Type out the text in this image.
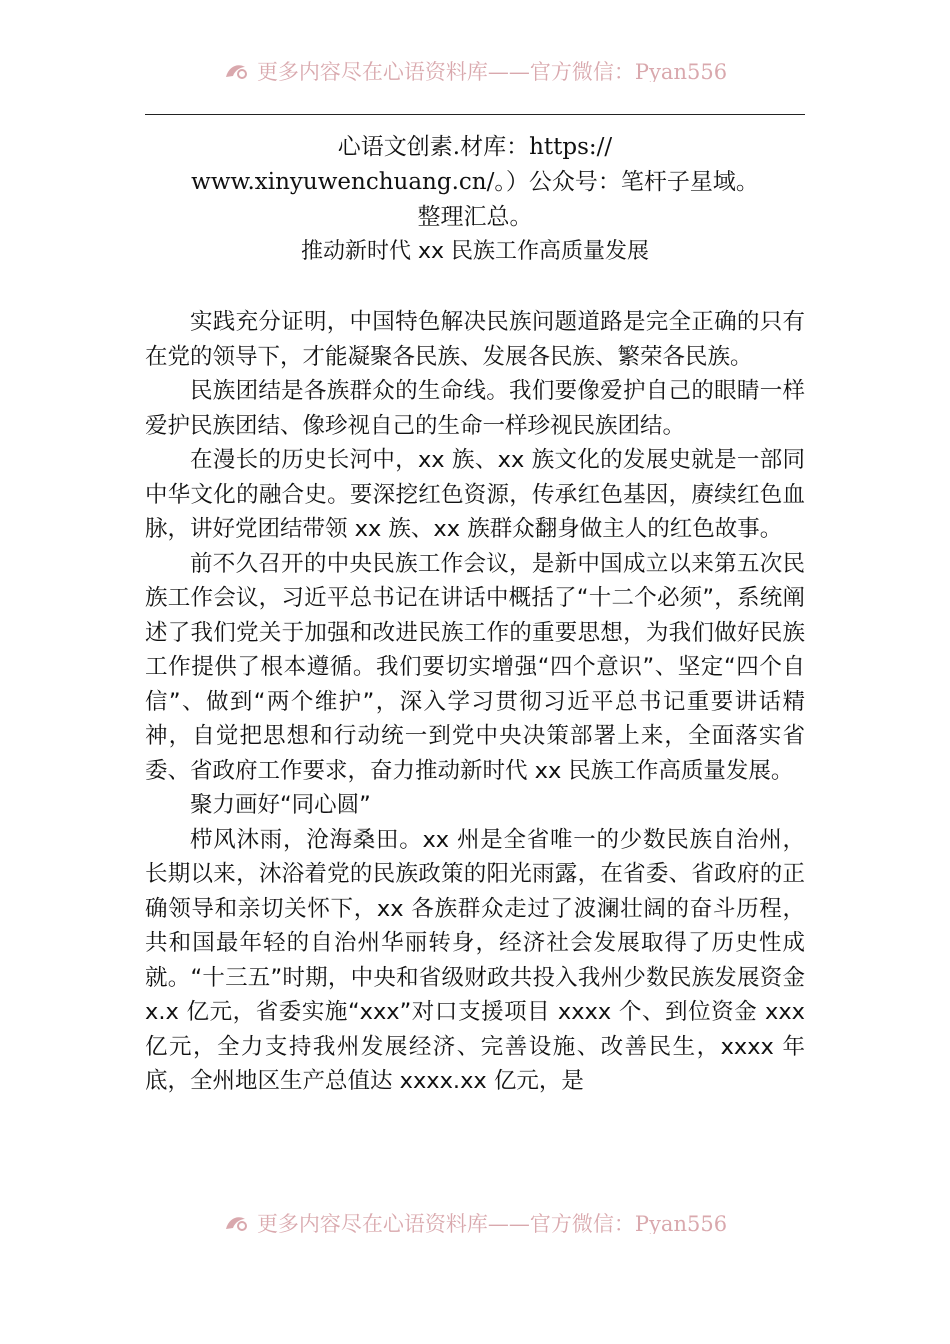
更多内容尽在心语资料库——官方微信：Pyan556
心语文创素.材库：https://
www.xinyuwenchuang.cn/。）公众号：笔杆子星域。
整理汇总。
推动新时代 xx 民族工作高质量发展

实践充分证明，中国特色解决民族问题道路是完全正确的只有在党的领导下，才能凝聚各民族、发展各民族、繁荣各民族。

民族团结是各族群众的生命线。我们要像爱护自己的眼睛一样爱护民族团结、像珍视自己的生命一样珍视民族团结。

在漫长的历史长河中，xx 族、xx 族文化的发展史就是一部同中华文化的融合史。要深挖红色资源，传承红色基因，赓续红色血脉，讲好党团结带领 xx 族、xx 族群众翻身做主人的红色故事。

前不久召开的中央民族工作会议，是新中国成立以来第五次民族工作会议，习近平总书记在讲话中概括了“十二个必须”，系统阐述了我们党关于加强和改进民族工作的重要思想，为我们做好民族工作提供了根本遵循。我们要切实增强“四个意识”、坚定“四个自信”、做到“两个维护”，深入学习贯彻习近平总书记重要讲话精神，自觉把思想和行动统一到党中央决策部署上来，全面落实省委、省政府工作要求，奋力推动新时代 xx 民族工作高质量发展。

聚力画好“同心圆”

栉风沐雨，沧海桑田。xx 州是全省唯一的少数民族自治州，长期以来，沐浴着党的民族政策的阳光雨露，在省委、省政府的正确领导和亲切关怀下，xx 各族群众走过了波澜壮阔的奋斗历程，共和国最年轻的自治州华丽转身，经济社会发展取得了历史性成就。“十三五”时期，中央和省级财政共投入我州少数民族发展资金 x.x 亿元，省委实施“xxx”对口支援项目 xxxx 个、到位资金 xxx 亿元，全力支持我州发展经济、完善设施、改善民生，xxxx 年底，全州地区生产总值达 xxxx.xx 亿元，是

更多内容尽在心语资料库——官方微信：Pyan556
